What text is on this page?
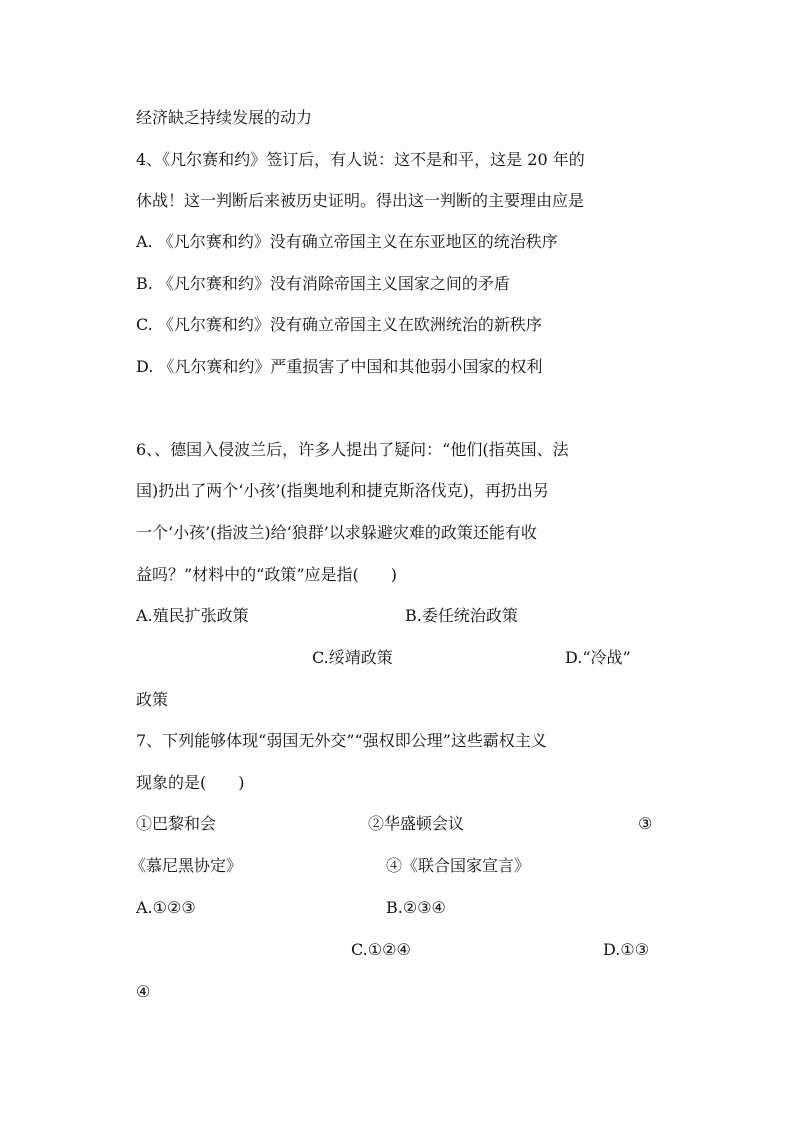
经济缺乏持续发展的动力
4、《凡尔赛和约》签订后，有人说：这不是和平，这是 20 年的
休战！这一判断后来被历史证明。得出这一判断的主要理由应是
A. 《凡尔赛和约》没有确立帝国主义在东亚地区的统治秩序
B. 《凡尔赛和约》没有消除帝国主义国家之间的矛盾
C. 《凡尔赛和约》没有确立帝国主义在欧洲统治的新秩序
D. 《凡尔赛和约》严重损害了中国和其他弱小国家的权利
6、、德国入侵波兰后，许多人提出了疑问：“他们(指英国、法
国)扔出了两个‘小孩’(指奥地利和捷克斯洛伐克)，再扔出另
一个‘小孩’(指波兰)给‘狼群’以求躲避灾难的政策还能有收
益吗？”材料中的“政策”应是指(　　)
A.殖民扩张政策	B.委任统治政策
C.绥靖政策	D.“冷战”
政策
7、下列能够体现“弱国无外交”“强权即公理”这些霸权主义
现象的是(　　)
①巴黎和会	②华盛顿会议	③
《慕尼黑协定》	④《联合国家宣言》
A.①②③	B.②③④
C.①②④	D.①③
④
